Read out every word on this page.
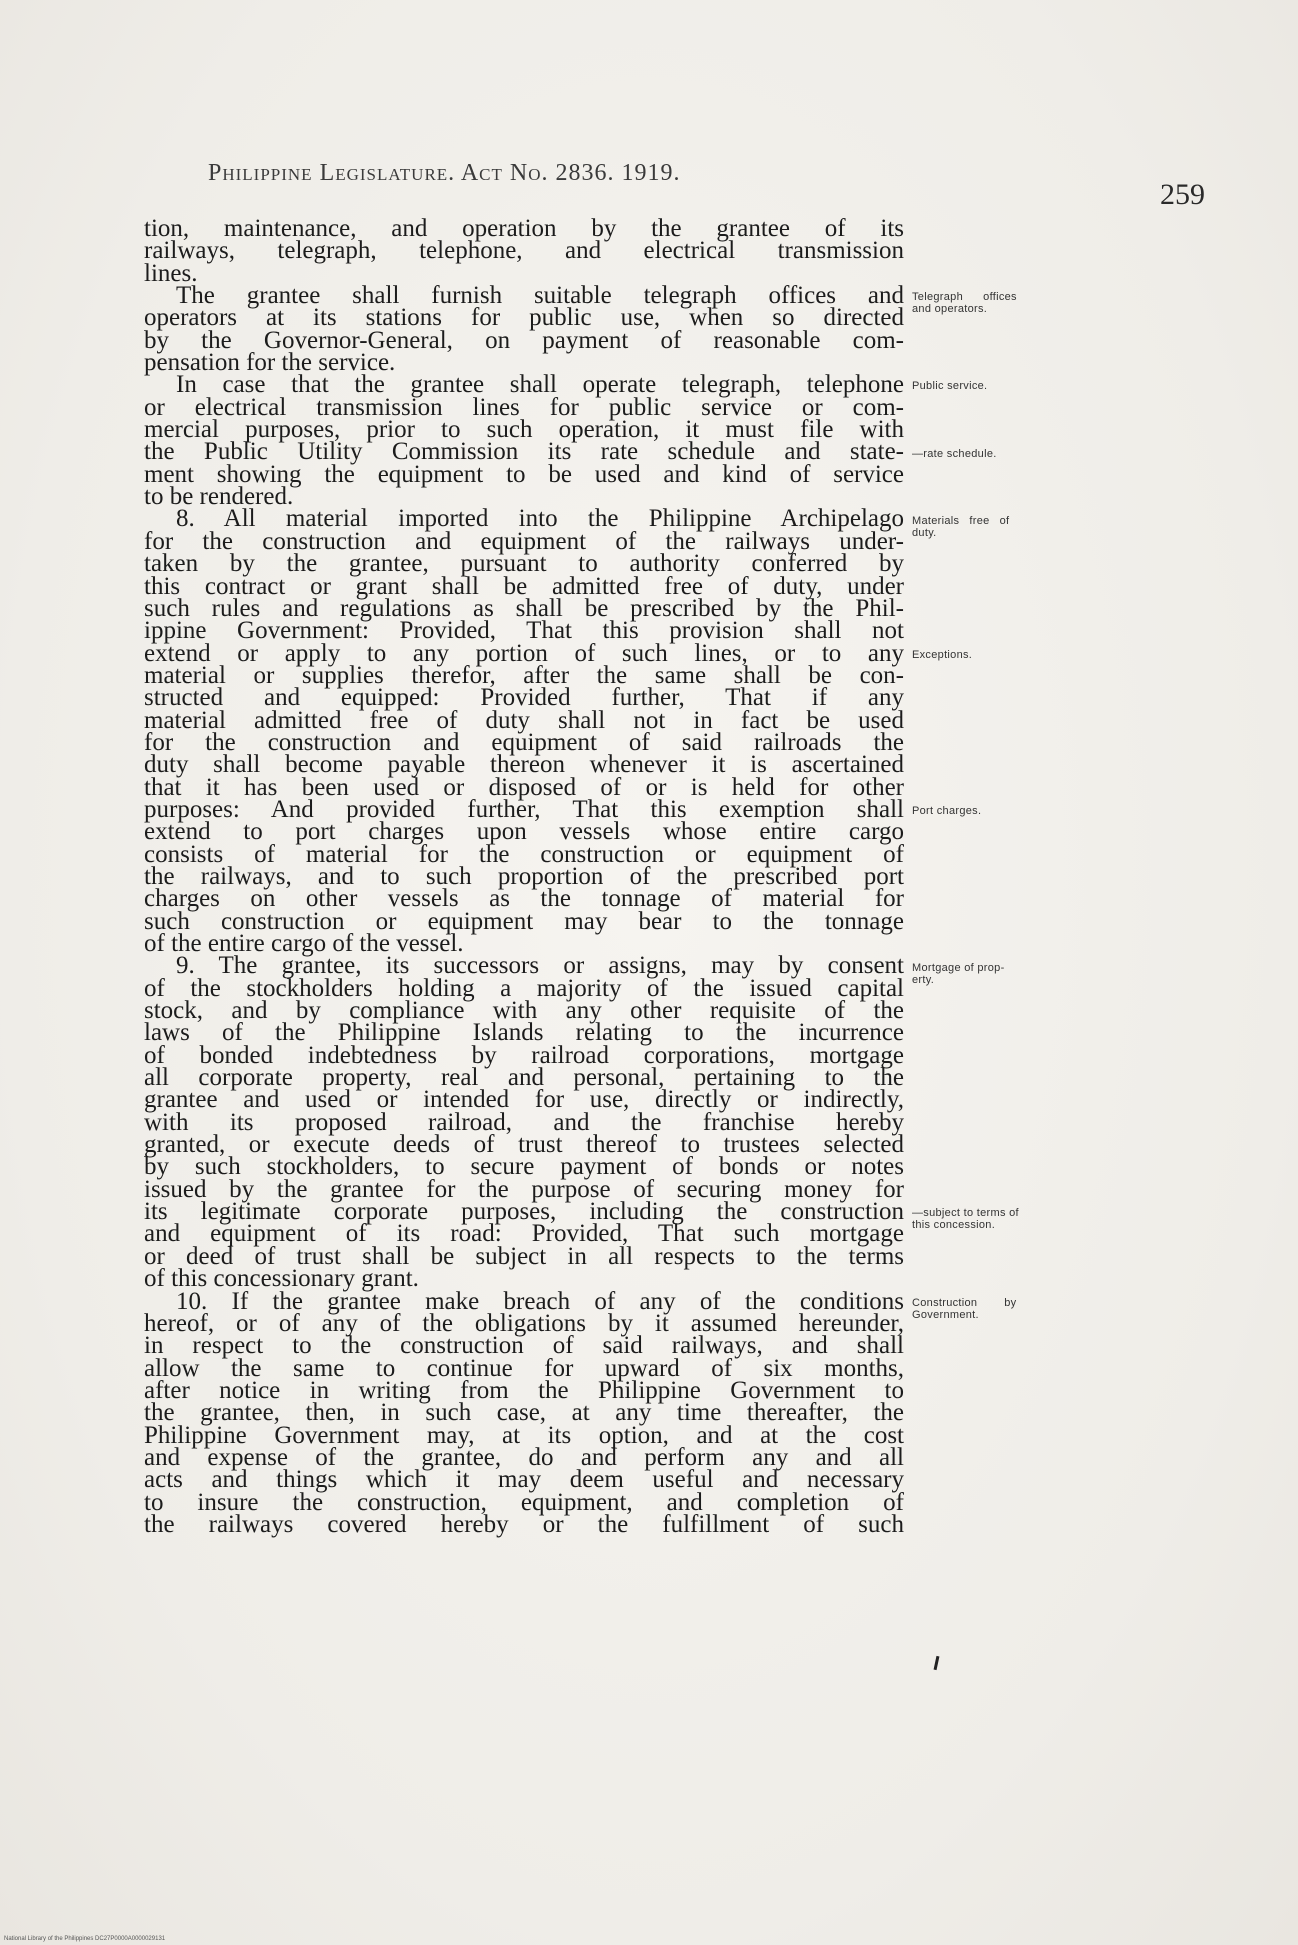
Philippine Legislature. Act No. 2836. 1919.
259
tion, maintenance, and operation by the grantee of its
railways, telegraph, telephone, and electrical transmission
lines.
The grantee shall furnish suitable telegraph offices and
operators at its stations for public use, when so directed
by the Governor-General, on payment of reasonable com-
pensation for the service.
In case that the grantee shall operate telegraph, telephone
or electrical transmission lines for public service or com-
mercial purposes, prior to such operation, it must file with
the Public Utility Commission its rate schedule and state-
ment showing the equipment to be used and kind of service
to be rendered.
8. All material imported into the Philippine Archipelago
for the construction and equipment of the railways under-
taken by the grantee, pursuant to authority conferred by
this contract or grant shall be admitted free of duty, under
such rules and regulations as shall be prescribed by the Phil-
ippine Government: Provided, That this provision shall not
extend or apply to any portion of such lines, or to any
material or supplies therefor, after the same shall be con-
structed and equipped: Provided further, That if any
material admitted free of duty shall not in fact be used
for the construction and equipment of said railroads the
duty shall become payable thereon whenever it is ascertained
that it has been used or disposed of or is held for other
purposes: And provided further, That this exemption shall
extend to port charges upon vessels whose entire cargo
consists of material for the construction or equipment of
the railways, and to such proportion of the prescribed port
charges on other vessels as the tonnage of material for
such construction or equipment may bear to the tonnage
of the entire cargo of the vessel.
9. The grantee, its successors or assigns, may by consent
of the stockholders holding a majority of the issued capital
stock, and by compliance with any other requisite of the
laws of the Philippine Islands relating to the incurrence
of bonded indebtedness by railroad corporations, mortgage
all corporate property, real and personal, pertaining to the
grantee and used or intended for use, directly or indirectly,
with its proposed railroad, and the franchise hereby
granted, or execute deeds of trust thereof to trustees selected
by such stockholders, to secure payment of bonds or notes
issued by the grantee for the purpose of securing money for
its legitimate corporate purposes, including the construction
and equipment of its road: Provided, That such mortgage
or deed of trust shall be subject in all respects to the terms
of this concessionary grant.
10. If the grantee make breach of any of the conditions
hereof, or of any of the obligations by it assumed hereunder,
in respect to the construction of said railways, and shall
allow the same to continue for upward of six months,
after notice in writing from the Philippine Government to
the grantee, then, in such case, at any time thereafter, the
Philippine Government may, at its option, and at the cost
and expense of the grantee, do and perform any and all
acts and things which it may deem useful and necessary
to insure the construction, equipment, and completion of
the railways covered hereby or the fulfillment of such
Telegraph      offices
and operators.
Public service.
—rate schedule.
Materials   free   of
duty.
Exceptions.
Port charges.
Mortgage of prop-
erty.
—subject to terms of
this concession.
Construction        by
Government.
National Library of the Philippines DC27P0000A0000029131
